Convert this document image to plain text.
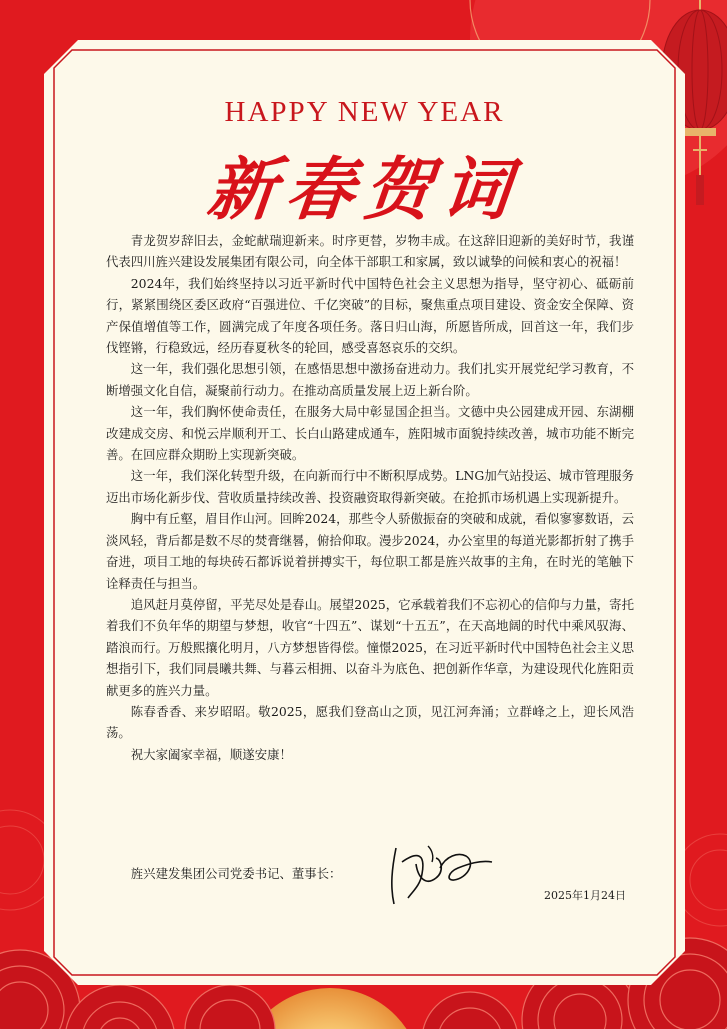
HAPPY NEW YEAR
新春贺词

青龙贺岁辞旧去，金蛇献瑞迎新来。时序更替，岁物丰成。在这辞旧迎新的美好时节，我谨代表四川旌兴建设发展集团有限公司，向全体干部职工和家属，致以诚挚的问候和衷心的祝福！

2024年，我们始终坚持以习近平新时代中国特色社会主义思想为指导，坚守初心、砥砺前行，紧紧围绕区委区政府“百强进位、千亿突破”的目标，聚焦重点项目建设、资金安全保障、资产保值增值等工作，圆满完成了年度各项任务。落日归山海，所愿皆所成，回首这一年，我们步伐铿锵，行稳致远，经历春夏秋冬的轮回，感受喜怒哀乐的交织。

这一年，我们强化思想引领，在感悟思想中激扬奋进动力。我们扎实开展党纪学习教育，不断增强文化自信，凝聚前行动力。在推动高质量发展上迈上新台阶。

这一年，我们胸怀使命责任，在服务大局中彰显国企担当。文德中央公园建成开园、东湖棚改建成交房、和悦云岸顺利开工、长白山路建成通车，旌阳城市面貌持续改善，城市功能不断完善。在回应群众期盼上实现新突破。

这一年，我们深化转型升级，在向新而行中不断积厚成势。LNG加气站投运、城市管理服务迈出市场化新步伐、营收质量持续改善、投资融资取得新突破。在抢抓市场机遇上实现新提升。

胸中有丘壑，眉目作山河。回眸2024，那些令人骄傲振奋的突破和成就，看似寥寥数语，云淡风轻，背后都是数不尽的焚膏继晷，俯拾仰取。漫步2024，办公室里的每道光影都折射了携手奋进，项目工地的每块砖石都诉说着拼搏实干，每位职工都是旌兴故事的主角，在时光的笔触下诠释责任与担当。

追风赶月莫停留，平芜尽处是春山。展望2025，它承载着我们不忘初心的信仰与力量，寄托着我们不负年华的期望与梦想，收官“十四五”、谋划“十五五”，在天高地阔的时代中乘风驭海、踏浪而行。万般熙攘化明月，八方梦想皆得偿。憧憬2025，在习近平新时代中国特色社会主义思想指引下，我们同晨曦共舞、与暮云相拥、以奋斗为底色、把创新作华章，为建设现代化旌阳贡献更多的旌兴力量。

陈春香香、来岁昭昭。敬2025，愿我们登高山之顶，见江河奔涌；立群峰之上，迎长风浩荡。

祝大家阖家幸福，顺遂安康！

旌兴建发集团公司党委书记、董事长：
2025年1月24日
